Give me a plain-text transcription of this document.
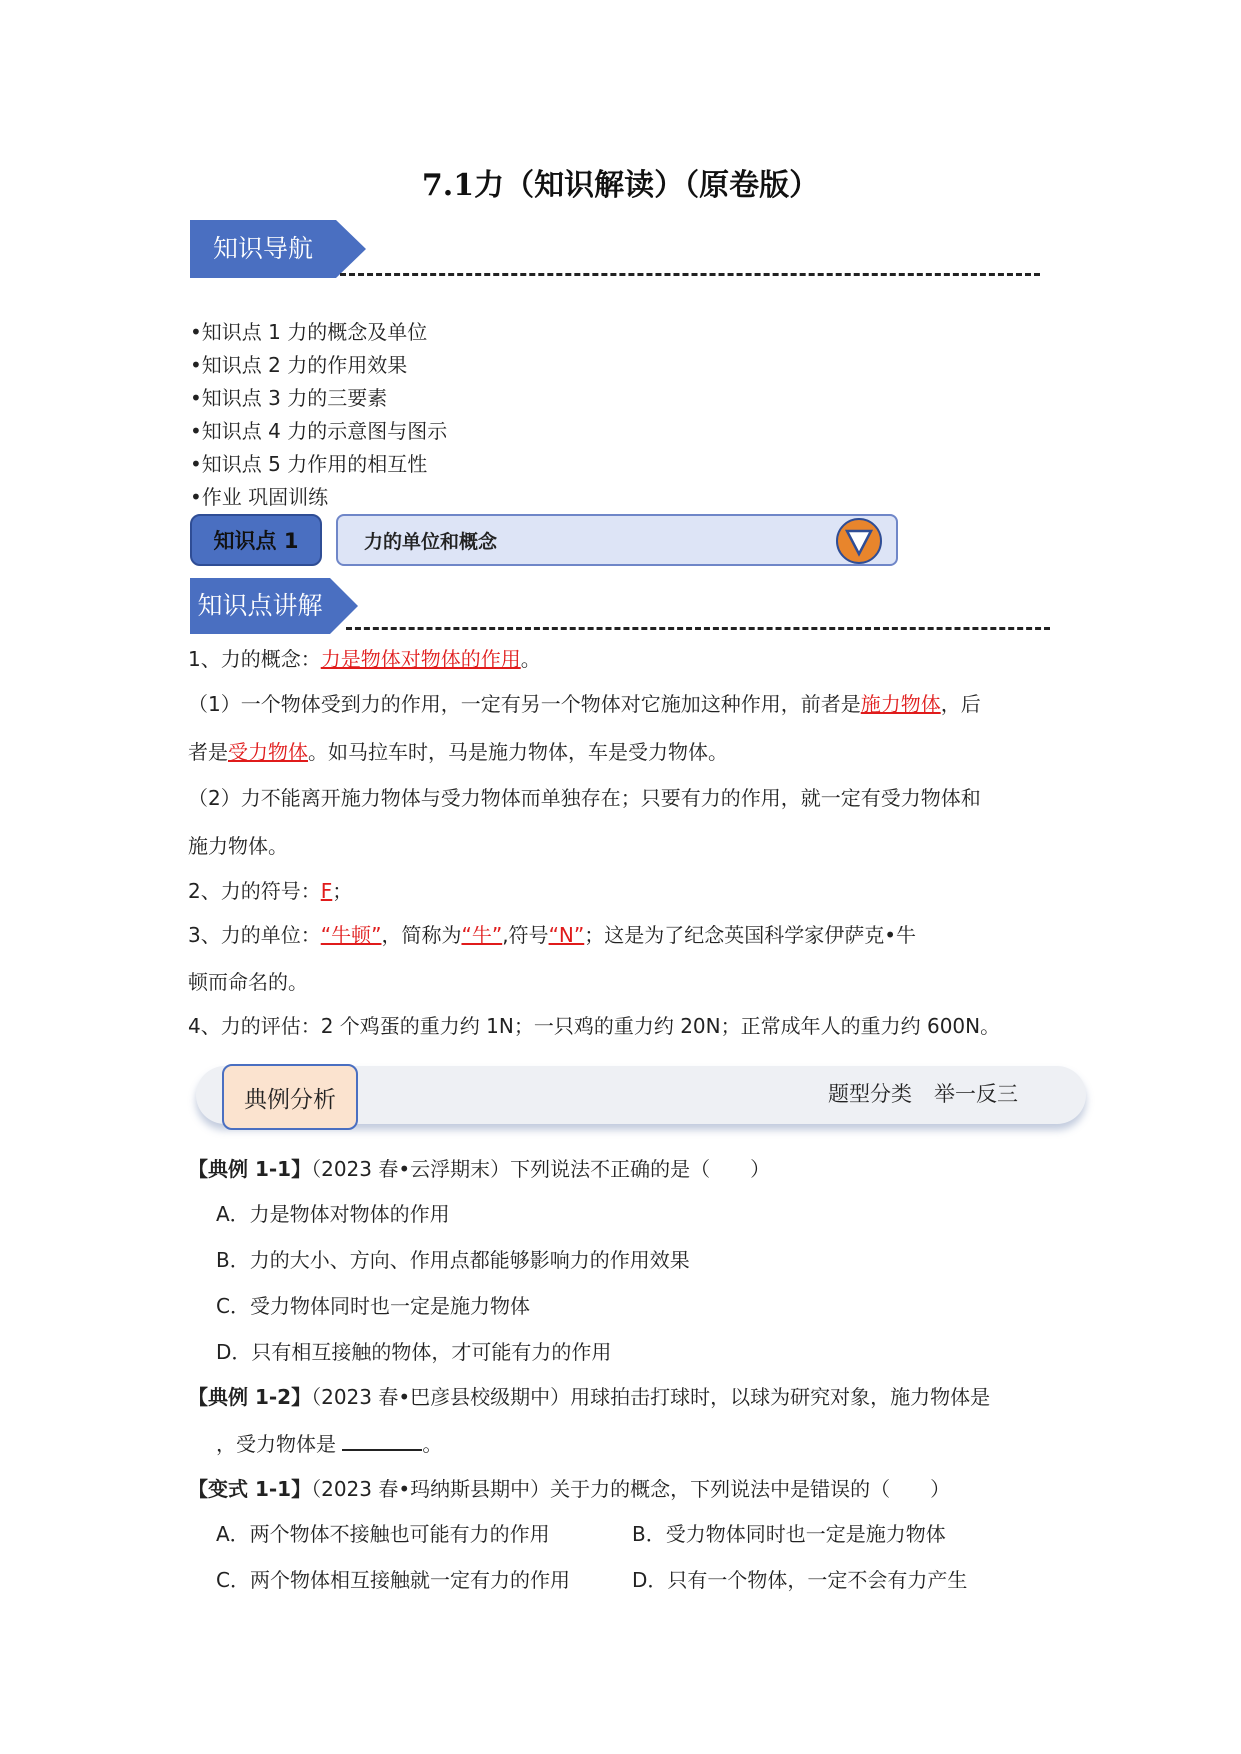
7.1力（知识解读）（原卷版）
知识导航
•知识点 1 力的概念及单位
•知识点 2 力的作用效果
•知识点 3 力的三要素
•知识点 4 力的示意图与图示
•知识点 5 力作用的相互性
•作业 巩固训练
知识点 1	力的单位和概念
知识点讲解
1、力的概念：力是物体对物体的作用。
（1）一个物体受到力的作用，一定有另一个物体对它施加这种作用，前者是施力物体，后
者是受力物体。如马拉车时，马是施力物体，车是受力物体。
（2）力不能离开施力物体与受力物体而单独存在；只要有力的作用，就一定有受力物体和
施力物体。
2、力的符号：F；
3、力的单位：“牛顿”，简称为“牛”,符号“N”；这是为了纪念英国科学家伊萨克•牛
顿而命名的。
4、力的评估：2 个鸡蛋的重力约 1N；一只鸡的重力约 20N；正常成年人的重力约 600N。
典例分析	题型分类 举一反三
【典例 1-1】（2023 春•云浮期末）下列说法不正确的是（　　）
A．力是物体对物体的作用
B．力的大小、方向、作用点都能够影响力的作用效果
C．受力物体同时也一定是施力物体
D．只有相互接触的物体，才可能有力的作用
【典例 1-2】（2023 春•巴彦县校级期中）用球拍击打球时，以球为研究对象，施力物体是
，受力物体是	。
【变式 1-1】（2023 春•玛纳斯县期中）关于力的概念，下列说法中是错误的（　　）
A．两个物体不接触也可能有力的作用	B．受力物体同时也一定是施力物体
C．两个物体相互接触就一定有力的作用	D．只有一个物体，一定不会有力产生
